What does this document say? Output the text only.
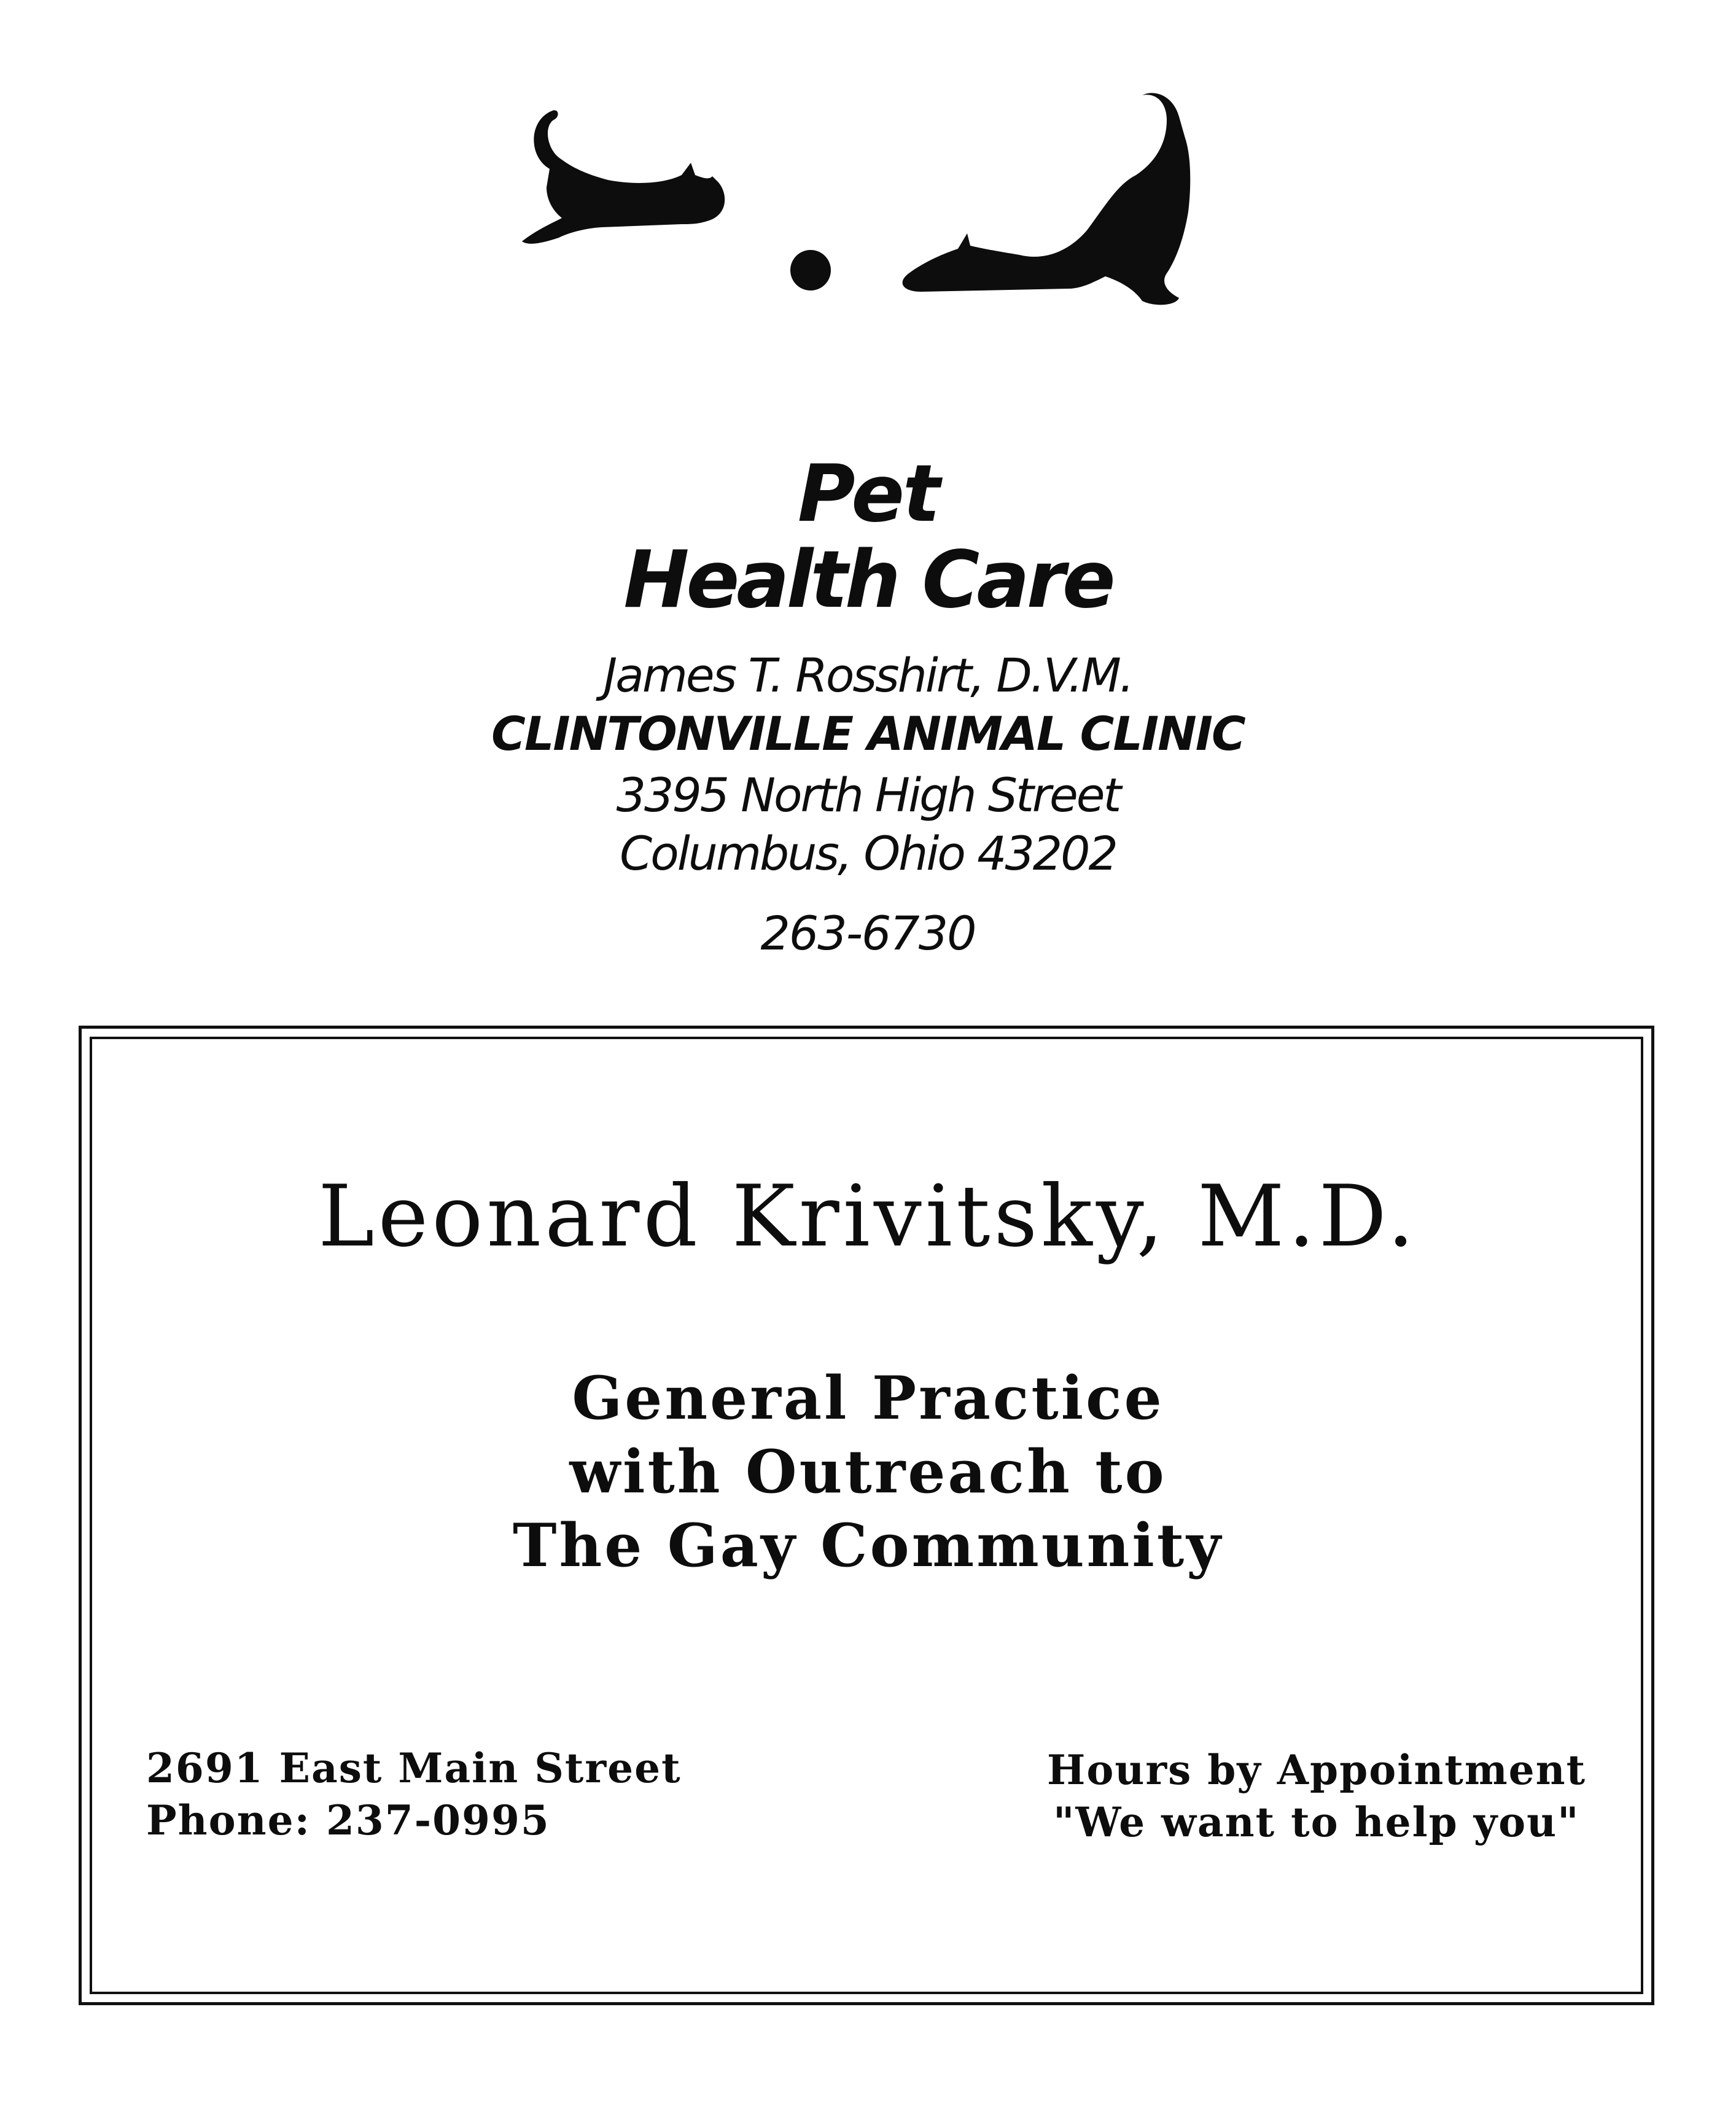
Pet
Health Care
James T. Rosshirt, D.V.M.
CLINTONVILLE ANIMAL CLINIC
3395 North High Street
Columbus, Ohio 43202
263-6730
Leonard Krivitsky, M.D.
General Practice
with Outreach to
The Gay Community
2691 East Main Street
Phone: 237-0995
Hours by Appointment
"We want to help you"
